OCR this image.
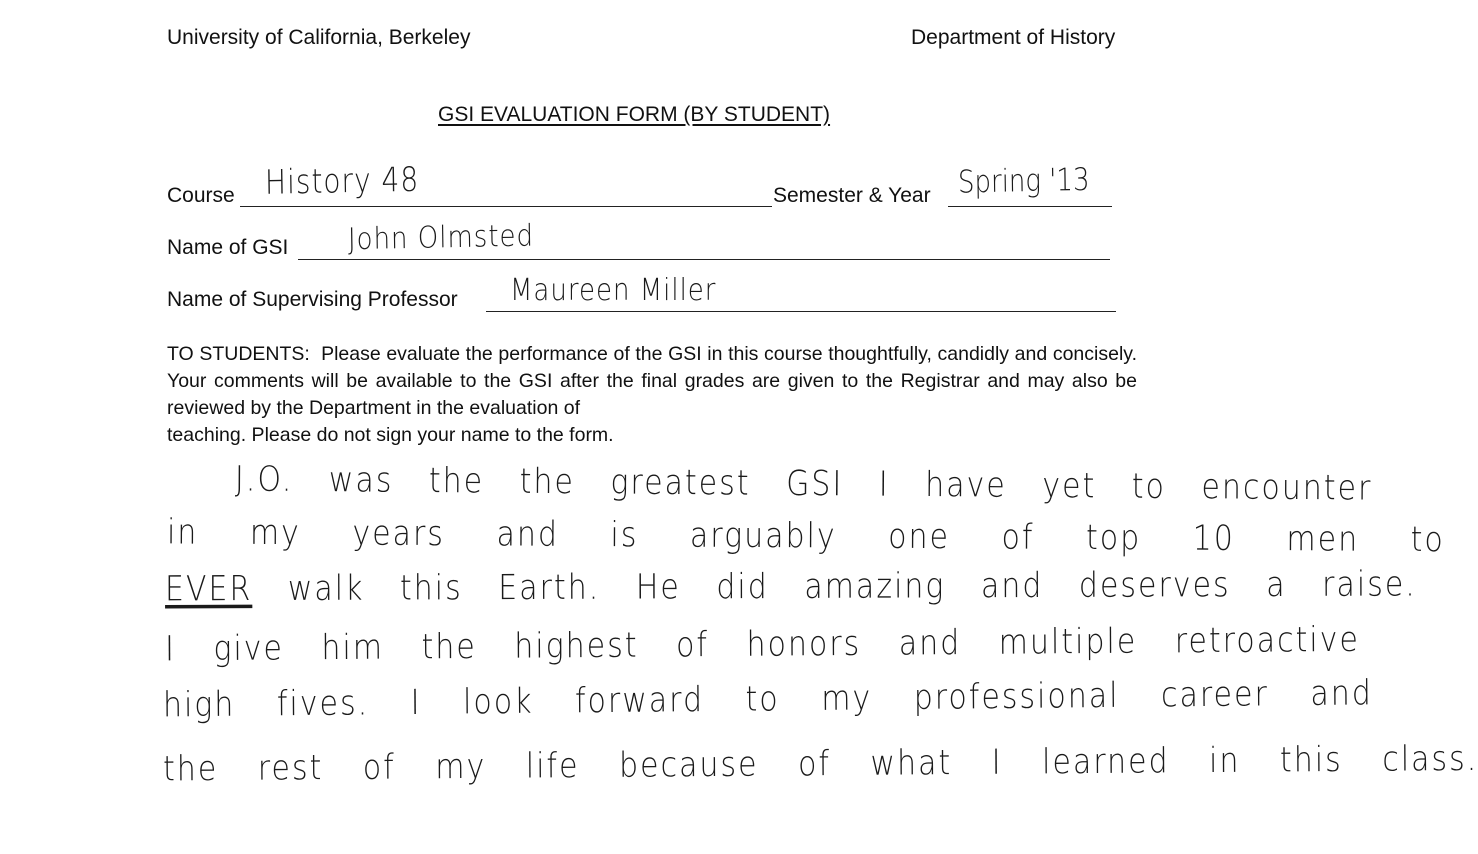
University of California, Berkeley	Department of History
GSI EVALUATION FORM (BY STUDENT)
Course History 48	Semester & Year Spring '13
Name of GSI John Olmsted
Name of Supervising Professor Maureen Miller
TO STUDENTS: Please evaluate the performance of the GSI in this course thoughtfully, candidly and concisely. Your comments will be available to the GSI after the final grades are given to the Registrar and may also be reviewed by the Department in the evaluation of
teaching. Please do not sign your name to the form.
J.O. was the the greatest GSI I have yet to encounter
in my years and is arguably one of top 10 men to
EVER walk this Earth. He did amazing and deserves a raise.
I give him the highest of honors and multiple retroactive
high fives. I look forward to my professional career and
the rest of my life because of what I learned in this class.
